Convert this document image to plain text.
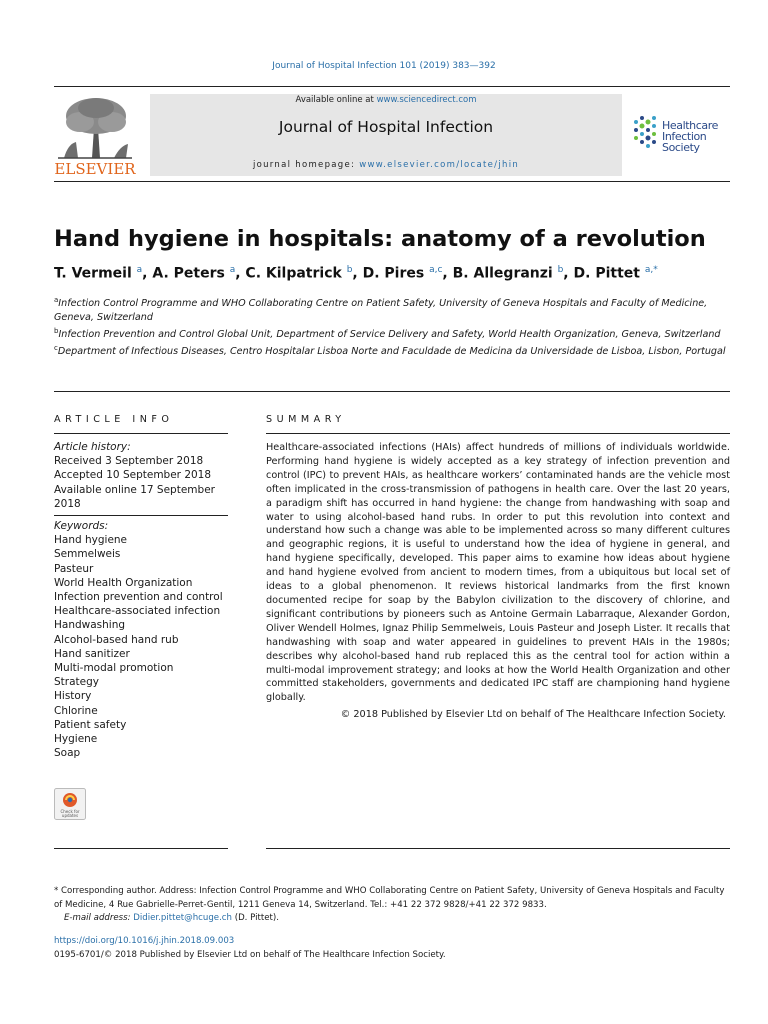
Journal of Hospital Infection 101 (2019) 383—392
ELSEVIER
Available online at www.sciencedirect.com
Journal of Hospital Infection
journal homepage: www.elsevier.com/locate/jhin
Healthcare
Infection
Society
Hand hygiene in hospitals: anatomy of a revolution
T. Vermeil $^a$, A. Peters $^a$, C. Kilpatrick $^b$, D. Pires $^{a,c}$, B. Allegranzi $^b$, D. Pittet $^{a,*}$
$^a$Infection Control Programme and WHO Collaborating Centre on Patient Safety, University of Geneva Hospitals and Faculty of Medicine, Geneva, Switzerland
$^b$Infection Prevention and Control Global Unit, Department of Service Delivery and Safety, World Health Organization, Geneva, Switzerland
$^c$Department of Infectious Diseases, Centro Hospitalar Lisboa Norte and Faculdade de Medicina da Universidade de Lisboa, Lisbon, Portugal
ARTICLE INFO	SUMMARY
Article history:
Received 3 September 2018
Accepted 10 September 2018
Available online 17 September 2018
Keywords:
Hand hygiene
Semmelweis
Pasteur
World Health Organization
Infection prevention and control
Healthcare-associated infection
Handwashing
Alcohol-based hand rub
Hand sanitizer
Multi-modal promotion
Strategy
History
Chlorine
Patient safety
Hygiene
Soap
Check for
updates

Healthcare-associated infections (HAIs) affect hundreds of millions of individuals worldwide. Performing hand hygiene is widely accepted as a key strategy of infection prevention and control (IPC) to prevent HAIs, as healthcare workers’ contaminated hands are the vehicle most often implicated in the cross-transmission of pathogens in health care. Over the last 20 years, a paradigm shift has occurred in hand hygiene: the change from handwashing with soap and water to using alcohol-based hand rubs. In order to put this revolution into context and understand how such a change was able to be implemented across so many different cultures and geographic regions, it is useful to understand how the idea of hygiene in general, and hand hygiene specifically, developed. This paper aims to examine how ideas about hygiene and hand hygiene evolved from ancient to modern times, from a ubiquitous but local set of ideas to a global phenomenon. It reviews historical landmarks from the first known documented recipe for soap by the Babylon civilization to the discovery of chlorine, and significant contributions by pioneers such as Antoine Germain Labarraque, Alexander Gordon, Oliver Wendell Holmes, Ignaz Philip Semmelweis, Louis Pasteur and Joseph Lister. It recalls that handwashing with soap and water appeared in guidelines to prevent HAIs in the 1980s; describes why alcohol-based hand rub replaced this as the central tool for action within a multi-modal improvement strategy; and looks at how the World Health Organization and other committed stakeholders, governments and dedicated IPC staff are championing hand hygiene globally.

© 2018 Published by Elsevier Ltd on behalf of The Healthcare Infection Society.
* Corresponding author. Address: Infection Control Programme and WHO Collaborating Centre on Patient Safety, University of Geneva Hospitals and Faculty of Medicine, 4 Rue Gabrielle-Perret-Gentil, 1211 Geneva 14, Switzerland. Tel.: +41 22 372 9828/+41 22 372 9833.
E-mail address: Didier.pittet@hcuge.ch (D. Pittet).
https://doi.org/10.1016/j.jhin.2018.09.003
0195-6701/© 2018 Published by Elsevier Ltd on behalf of The Healthcare Infection Society.
